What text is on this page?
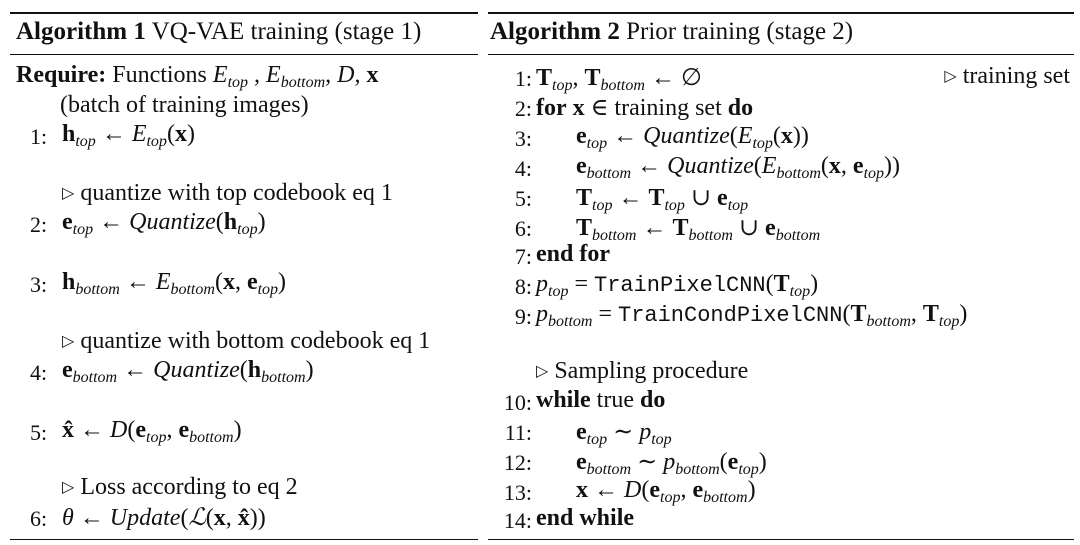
Algorithm 1 VQ-VAE training (stage 1)
Require: Functions $E_{top}$ , $E_{bottom}$, D, x
(batch of training images)
1: $h_{top}$ ← $E_{top}(x)$
▷ quantize with top codebook eq 1
2: $e_{top}$ ← $Quantize(h_{top})$
3: $h_{bottom}$ ← $E_{bottom}(x$, $e_{top}$)
▷ quantize with bottom codebook eq 1
4: $e_{bottom}$ ← $Quantize(h_{bottom})$
5: x̂ ← $D(e_{top}$, $e_{bottom}$)
▷ Loss according to eq 2
6: θ ← Update(ℒ(x, x̂))
Algorithm 2 Prior training (stage 2)
1:
2:
3:
4:
5:
6:
7:
8:
9:
10:
11:
12:
13:
14:
$T_{top}$, $T_{bottom}$ ← ∅	▷ training set
for x ∈ training set do
$e_{top}$ ← $Quantize(E_{top}(x))$
$e_{bottom}$ ← $Quantize(E_{bottom}(x$, $e_{top}$))
$T_{top}$ ← $T_{top}$ ∪ $e_{top}$
$T_{bottom}$ ← $T_{bottom}$ ∪ $e_{bottom}$
end for
$p_{top}$ = $TrainPixelCNN(T_{top})$
$p_{bottom}$ = $TrainCondPixelCNN(T_{bottom}$, $T_{top}$)
▷ Sampling procedure
while true do
$e_{top}$ ∼ $p_{top}$
$e_{bottom}$ ∼ $p_{bottom}(e_{top})$
x ← $D(e_{top}$, $e_{bottom}$)
end while
